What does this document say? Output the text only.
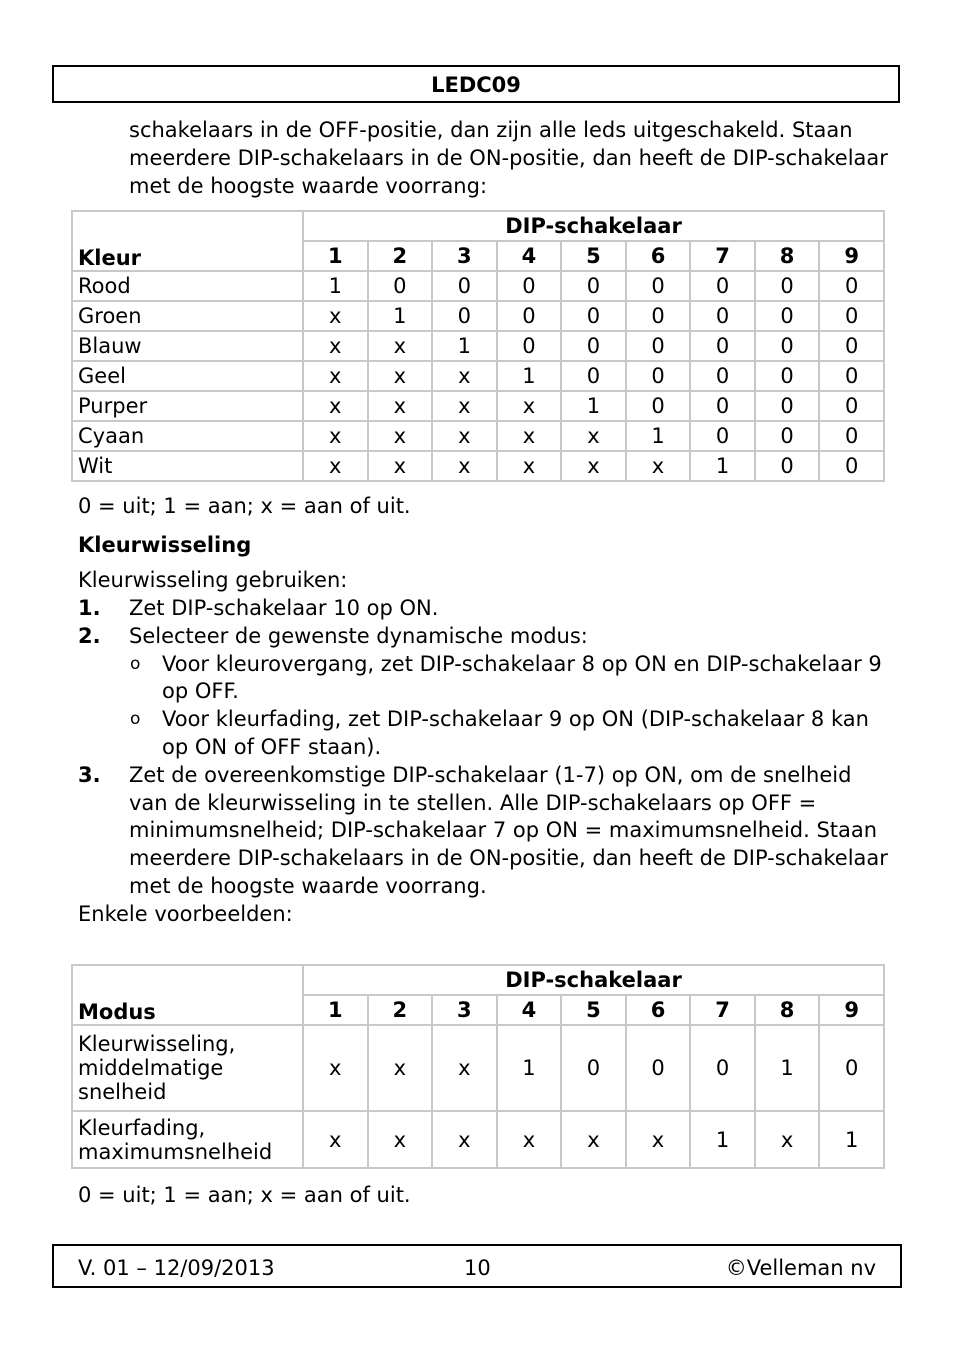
LEDC09

schakelaars in de OFF-positie, dan zijn alle leds uitgeschakeld. Staan meerdere DIP-schakelaars in de ON-positie, dan heeft de DIP-schakelaar met de hoogste waarde voorrang:

Kleur	DIP-schakelaar								
	1	2	3	4	5	6	7	8	9
Rood	1	0	0	0	0	0	0	0	0
Groen	x	1	0	0	0	0	0	0	0
Blauw	x	x	1	0	0	0	0	0	0
Geel	x	x	x	1	0	0	0	0	0
Purper	x	x	x	x	1	0	0	0	0
Cyaan	x	x	x	x	x	1	0	0	0
Wit	x	x	x	x	x	x	1	0	0

0 = uit; 1 = aan; x = aan of uit.

Kleurwisseling

Kleurwisseling gebruiken:

1. Zet DIP-schakelaar 10 op ON.
2. Selecteer de gewenste dynamische modus:
o Voor kleurovergang, zet DIP-schakelaar 8 op ON en DIP-schakelaar 9 op OFF.
o Voor kleurfading, zet DIP-schakelaar 9 op ON (DIP-schakelaar 8 kan op ON of OFF staan).
3. Zet de overeenkomstige DIP-schakelaar (1-7) op ON, om de snelheid van de kleurwisseling in te stellen. Alle DIP-schakelaars op OFF = minimumsnelheid; DIP-schakelaar 7 op ON = maximumsnelheid. Staan meerdere DIP-schakelaars in de ON-positie, dan heeft de DIP-schakelaar met de hoogste waarde voorrang.
Enkele voorbeelden:
Modus	DIP-schakelaar								
	1	2	3	4	5	6	7	8	9
Kleurwisseling, middelmatige snelheid	x	x	x	1	0	0	0	1	0
Kleurfading, maximumsnelheid	x	x	x	x	x	x	1	x	1

0 = uit; 1 = aan; x = aan of uit.

V. 01 – 12/09/2013	10	©Velleman nv
